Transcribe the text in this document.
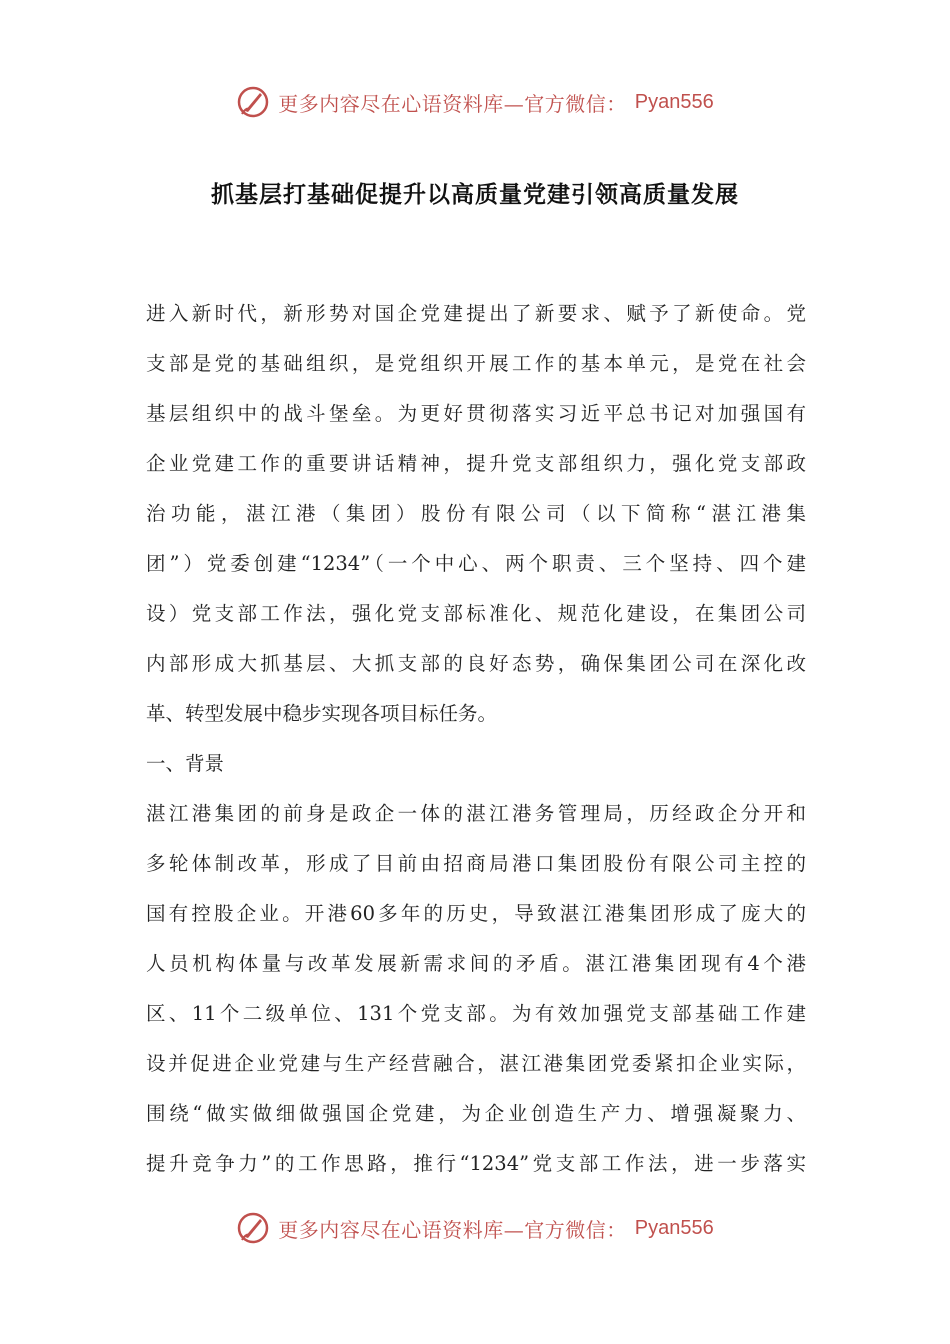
更多内容尽在心语资料库—官方微信： Pyan556
抓基层打基础促提升以高质量党建引领高质量发展
进入新时代，新形势对国企党建提出了新要求、赋予了新使命。党
支部是党的基础组织，是党组织开展工作的基本单元，是党在社会
基层组织中的战斗堡垒。为更好贯彻落实习近平总书记对加强国有
企业党建工作的重要讲话精神，提升党支部组织力，强化党支部政
治功能，湛江港（集团）股份有限公司（以下简称“湛江港集
团”）党委创建“1234”（一个中心、两个职责、三个坚持、四个建
设）党支部工作法，强化党支部标准化、规范化建设，在集团公司
内部形成大抓基层、大抓支部的良好态势，确保集团公司在深化改
革、转型发展中稳步实现各项目标任务。
一、背景
湛江港集团的前身是政企一体的湛江港务管理局，历经政企分开和
多轮体制改革，形成了目前由招商局港口集团股份有限公司主控的
国有控股企业。开港60多年的历史，导致湛江港集团形成了庞大的
人员机构体量与改革发展新需求间的矛盾。湛江港集团现有4个港
区、11个二级单位、131个党支部。为有效加强党支部基础工作建
设并促进企业党建与生产经营融合，湛江港集团党委紧扣企业实际，
围绕“做实做细做强国企党建，为企业创造生产力、增强凝聚力、
提升竞争力”的工作思路，推行“1234”党支部工作法，进一步落实
更多内容尽在心语资料库—官方微信： Pyan556
